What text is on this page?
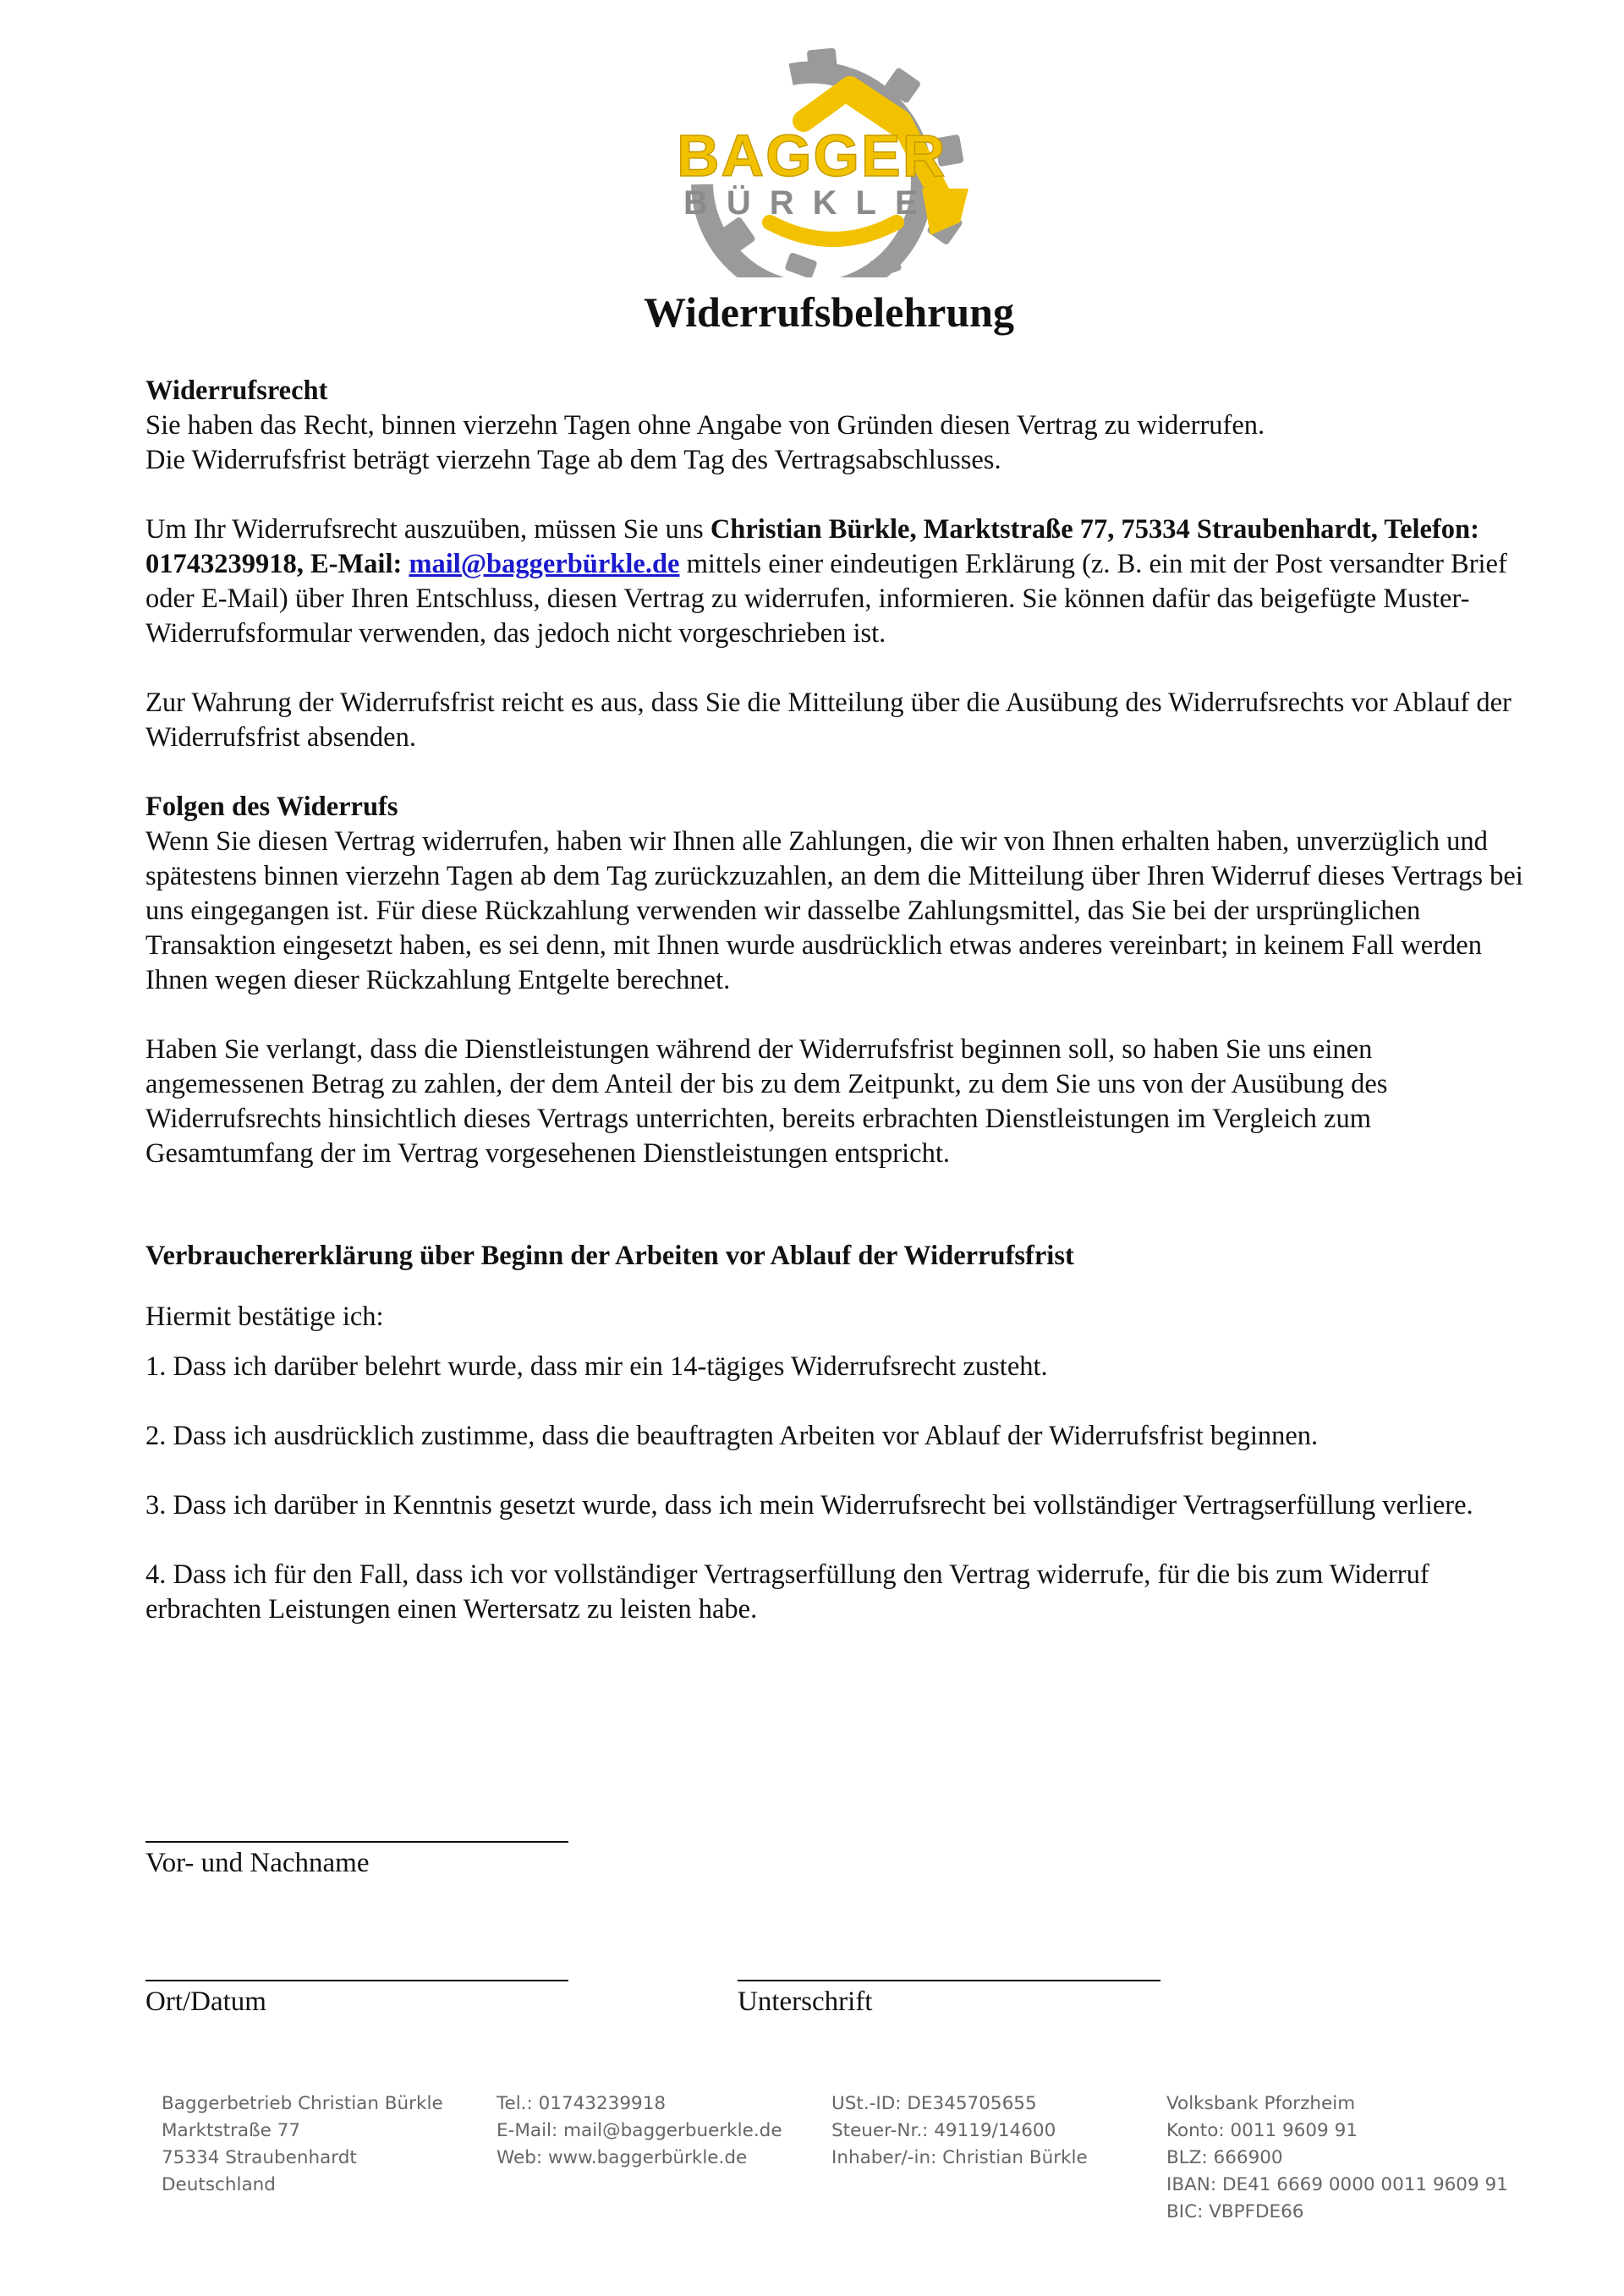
BAGGER
BÜRKLE
Widerrufsbelehrung

Widerrufsrecht

Sie haben das Recht, binnen vierzehn Tagen ohne Angabe von Gründen diesen Vertrag zu widerrufen.

Die Widerrufsfrist beträgt vierzehn Tage ab dem Tag des Vertragsabschlusses.

Um Ihr Widerrufsrecht auszuüben, müssen Sie uns Christian Bürkle, Marktstraße 77, 75334 Straubenhardt, Telefon: 01743239918, E-Mail: mail@baggerbürkle.de mittels einer eindeutigen Erklärung (z. B. ein mit der Post versandter Brief oder E-Mail) über Ihren Entschluss, diesen Vertrag zu widerrufen, informieren. Sie können dafür das beigefügte Muster-Widerrufsformular verwenden, das jedoch nicht vorgeschrieben ist.

Zur Wahrung der Widerrufsfrist reicht es aus, dass Sie die Mitteilung über die Ausübung des Widerrufsrechts vor Ablauf der Widerrufsfrist absenden.

Folgen des Widerrufs

Wenn Sie diesen Vertrag widerrufen, haben wir Ihnen alle Zahlungen, die wir von Ihnen erhalten haben, unverzüglich und spätestens binnen vierzehn Tagen ab dem Tag zurückzuzahlen, an dem die Mitteilung über Ihren Widerruf dieses Vertrags bei uns eingegangen ist. Für diese Rückzahlung verwenden wir dasselbe Zahlungsmittel, das Sie bei der ursprünglichen Transaktion eingesetzt haben, es sei denn, mit Ihnen wurde ausdrücklich etwas anderes vereinbart; in keinem Fall werden Ihnen wegen dieser Rückzahlung Entgelte berechnet.

Haben Sie verlangt, dass die Dienstleistungen während der Widerrufsfrist beginnen soll, so haben Sie uns einen angemessenen Betrag zu zahlen, der dem Anteil der bis zu dem Zeitpunkt, zu dem Sie uns von der Ausübung des Widerrufsrechts hinsichtlich dieses Vertrags unterrichten, bereits erbrachten Dienstleistungen im Vergleich zum Gesamtumfang der im Vertrag vorgesehenen Dienstleistungen entspricht.

Verbrauchererklärung über Beginn der Arbeiten vor Ablauf der Widerrufsfrist

Hiermit bestätige ich:

1. Dass ich darüber belehrt wurde, dass mir ein 14-tägiges Widerrufsrecht zusteht.

2. Dass ich ausdrücklich zustimme, dass die beauftragten Arbeiten vor Ablauf der Widerrufsfrist beginnen.

3. Dass ich darüber in Kenntnis gesetzt wurde, dass ich mein Widerrufsrecht bei vollständiger Vertragserfüllung verliere.

4. Dass ich für den Fall, dass ich vor vollständiger Vertragserfüllung den Vertrag widerrufe, für die bis zum Widerruf erbrachten Leistungen einen Wertersatz zu leisten habe.

Vor- und Nachname
Ort/Datum	Unterschrift
Baggerbetrieb Christian Bürkle
Marktstraße 77
75334 Straubenhardt
Deutschland
Tel.: 01743239918
E-Mail: mail@baggerbuerkle.de
Web: www.baggerbürkle.de
USt.-ID: DE345705655
Steuer-Nr.: 49119/14600
Inhaber/-in: Christian Bürkle
Volksbank Pforzheim
Konto: 0011 9609 91
BLZ: 666900
IBAN: DE41 6669 0000 0011 9609 91
BIC: VBPFDE66
